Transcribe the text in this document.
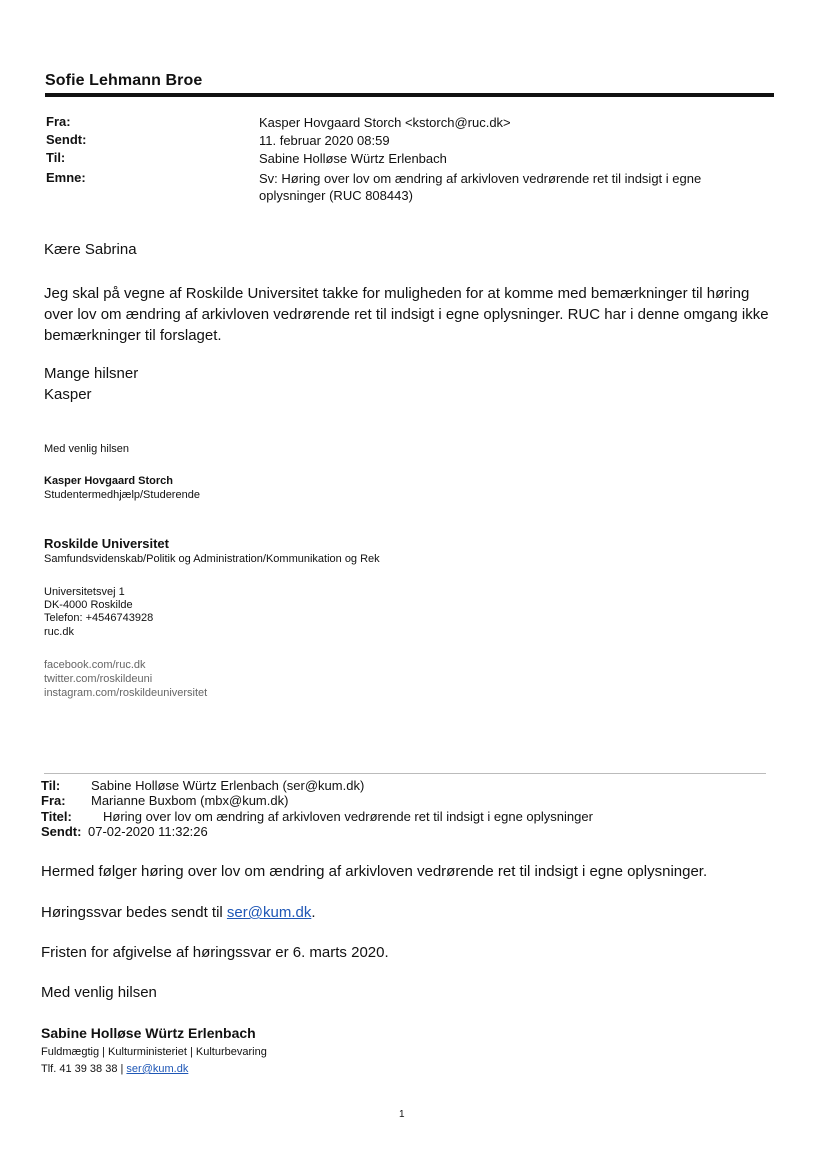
Sofie Lehmann Broe
Fra:	Kasper Hovgaard Storch <kstorch@ruc.dk>
Sendt:	11. februar 2020 08:59
Til:	Sabine Holløse Würtz Erlenbach
Emne:	Sv: Høring over lov om ændring af arkivloven vedrørende ret til indsigt i egne oplysninger (RUC 808443)
Kære Sabrina
Jeg skal på vegne af Roskilde Universitet takke for muligheden for at komme med bemærkninger til høring over lov om ændring af arkivloven vedrørende ret til indsigt i egne oplysninger. RUC har i denne omgang ikke bemærkninger til forslaget.
Mange hilsner
Kasper
Med venlig hilsen
Kasper Hovgaard Storch
Studentermedhjælp/Studerende
Roskilde Universitet
Samfundsvidenskab/Politik og Administration/Kommunikation og Rek
Universitetsvej 1
DK-4000 Roskilde
Telefon: +4546743928
ruc.dk
facebook.com/ruc.dk
twitter.com/roskildeuni
instagram.com/roskildeuniversitet
Til: Sabine Holløse Würtz Erlenbach (ser@kum.dk)
Fra: Marianne Buxbom (mbx@kum.dk)
Titel: Høring over lov om ændring af arkivloven vedrørende ret til indsigt i egne oplysninger
Sendt: 07-02-2020 11:32:26
Hermed følger høring over lov om ændring af arkivloven vedrørende ret til indsigt i egne oplysninger.
Høringssvar bedes sendt til ser@kum.dk.
Fristen for afgivelse af høringssvar er 6. marts 2020.
Med venlig hilsen
Sabine Holløse Würtz Erlenbach
Fuldmægtig | Kulturministeriet | Kulturbevaring
Tlf. 41 39 38 38 | ser@kum.dk
1
